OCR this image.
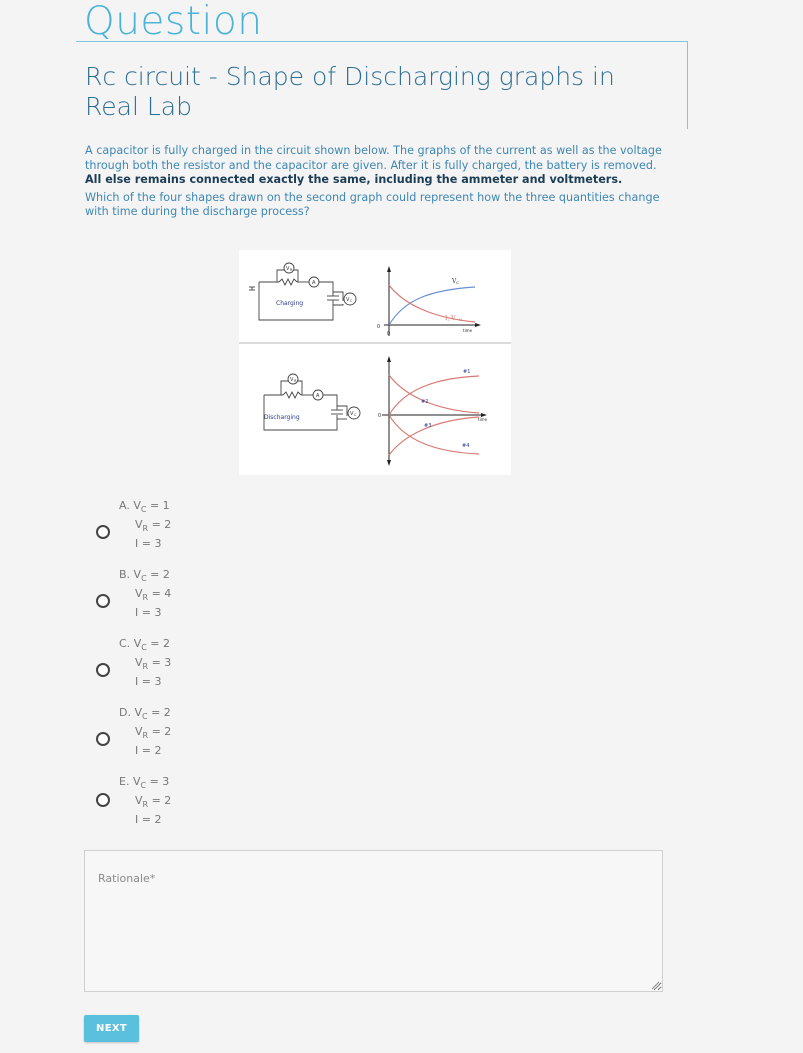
Question
Rc circuit - Shape of Discharging graphs in Real Lab

A capacitor is fully charged in the circuit shown below. The graphs of the current as well as the voltage through both the resistor and the capacitor are given. After it is fully charged, the battery is removed. All else remains connected exactly the same, including the ammeter and voltmeters.

Which of the four shapes drawn on the second graph could represent how the three quantities change with time during the discharge process?

V R
A
V C
Charging
V C
I, V R
0
0
time
V R
A
V C
Discharging
#1
#2
#3
#4
0
time
A. $V_C = 1$
$V_R = 2$
I = 3
B. $V_C = 2$
$V_R = 4$
I = 3
C. $V_C = 2$
$V_R = 3$
I = 3
D. $V_C = 2$
$V_R = 2$
I = 2
E. $V_C = 3$
$V_R = 2$
I = 2
Rationale*
NEXT
